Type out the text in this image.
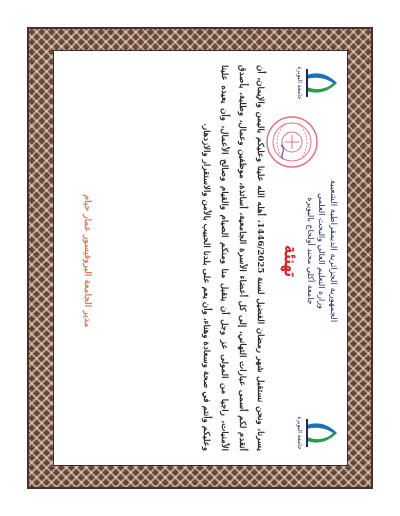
جامعة البويرة
جامعة البويرة
الجمهورية الجزائرية الديمقراطية الشعبية
وزارة التعليم العالي والبحث العلمي
جامعة أكلي محند أولحاج بالبويرة
تهنئة
يسرنا، ونحن نستقبل شهر رمضان الفضيل لسنة 1446/2025، أهله الله علينا وعليكم باليمن والإيمان، أن أتقدم لكم أسمى عبارات التهاني، إلى كل أعضاء الأسرة الجامعية، أساتذة، موظفين وعمال، وطلبة، بأصدق الأمنيات، راجيا من المولى عز وجل أن يتقبل منا ومنكم الصيام والقيام وصالح الأعمال، وأن يعيده علينا وعليكم وأنتم في صحة وسعادة وهناء، وأن يعم على بلدنا الحبيب بالأمن والاستقرار والازدهار.
مدير الجامعة البروفيسور عمار حيام
